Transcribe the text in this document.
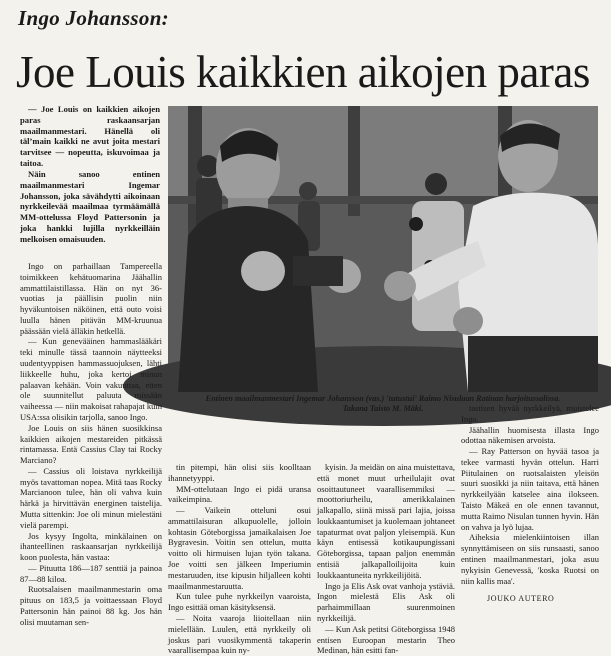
Ingo Johansson:
Joe Louis kaikkien aikojen paras

— Joe Louis on kaikkien aikojen paras raskaansarjan maailmanmestari. Hänellä oli täl’main kaikki ne avut joita mestari tarvitsee — nopeutta, iskuvoimaa ja taitoa.

Näin sanoo entinen maailmanmestari Ingemar Johansson, joka sävähdytti aikoinaan nyrkkeilevää maailmaa tyrmäämällä MM-ottelussa Floyd Pattersonin ja joka hankki lujilla nyrkkeilläin melkoisen omaisuuden.

Entinen maailmanmestari Ingemar Johansson (vas.) 'tutustui' Raimo Nisulaan Ratinan harjoitussalissa.
Takana Taisto M. Mäki.

Ingo on parhaillaan Tampereella toimikkeen kehätuomarina Jäähallin ammattilaistillassa. Hän on nyt 36-vuotias ja päällisin puolin niin hyväkuntoisen näköinen, että outo voisi luulla hänen pitävän MM-kruunua päässään vielä älläkin hetkellä.

— Kun genevääinen hammaslääkäri teki minulle tässä taannoin näytteeksi uudentyyppisen hammassuojuksen, lähti liikkeelle huhu, joka kertoi minun palaavan kehään. Voin vakuuttaa, etten ole suunnitellut paluuta missään vaiheessa — niin makoisat rahapajat kuin USA:ssa olisikin tarjolla, sanoo Ingo.

Joe Louis on siis hänen suosikkinsa kaikkien aikojen mestareiden pitkässä rintamassa. Entä Cassius Clay tai Rocky Marciano?

— Cassius oli loistava nyrkkeilijä myös tavattoman nopea. Mitä taas Rocky Marcianoon tulee, hän oli vahva kuin härkä ja hirvittävän energinen taistelija. Mutta sittenkin: Joe oli minun mielestäni vielä parempi.

Jos kysyy Ingolta, minkälainen on ihanteellinen raskaansarjan nyrkkeilijä koon puolesta, hän vastaa:

— Pituutta 186—187 senttiä ja painoa 87—88 kiloa.

Ruotsalaisen maailmanmestarin oma pituus on 183,5 ja voittaessaan Floyd Pattersonin hän painoi 88 kg. Jos hän olisi muutaman sen-

tin pitempi, hän olisi siis koolltaan ihannetyyppi.

MM-ottelutaan Ingo ei pidä uransa vaikeimpina.

— Vaikein otteluni osui ammattilaisuran alkupuolelle, jolloin kohtasin Göteborgissa jamaikalaisen Joe Bygravesin. Voitin sen ottelun, mutta voitto oli hirmuisen lujan työn takana. Joe voitti sen jälkeen Imperiumin mestaruuden, itse kipusin hiljalleen kohti maailmanmestaruutta.

Kun tulee puhe nyrkkeilyn vaaroista, Ingo esittää oman käsityksensä.

— Noita vaaroja liioitellaan niin mielellään. Luulen, että nyrkkeily oli joskus pari vuosikymmentä takaperin vaarallisempaa kuin ny-

kyisin. Ja meidän on aina muistettava, että monet muut urheilulajit ovat osoittautuneet vaarallisemmiksi — moottoriurheilu, amerikkalainen jalkapallo, siinä missä pari lajia, joissa loukkaantumiset ja kuolemaan johtaneet tapaturmat ovat paljon yleisempiä. Kun käyn entisessä kotikaupungissani Göteborgissa, tapaan paljon enemmän entisiä jalkapalloilijoita kuin loukkaantuneita nyrkkeilijöitä.

Ingo ja Elis Ask ovat vanhoja ystäviä. Ingon mielestä Elis Ask oli parhaimmillaan suurenmoinen nyrkkeilijä.

— Kun Ask petitsi Göteborgissa 1948 entisen Euroopan mestarin Theo Medinan, hän esitti fan-

tastisen hyvää nyrkkeilyä, muistelee Ingo.

Jäähallin huomisesta illasta Ingo odottaa näkemisen arvoista.

— Ray Patterson on hyvää tasoa ja tekee varmasti hyvän ottelun. Harri Piitulainen on ruotsalaisten yleisön suuri suosikki ja niin taitava, että hänen nyrkkeilyään katselee aina ilokseen. Taisto Mäkeä en ole ennen tavannut, mutta Raimo Nisulan tunnen hyvin. Hän on vahva ja lyö lujaa.

Aiheksia mielenkiintoisen illan synnyttämiseen on siis runsaasti, sanoo entinen maailmanmestari, joka asuu nykyisin Genevessä, 'koska Ruotsi on niin kallis maa'.

JOUKO AUTERO
